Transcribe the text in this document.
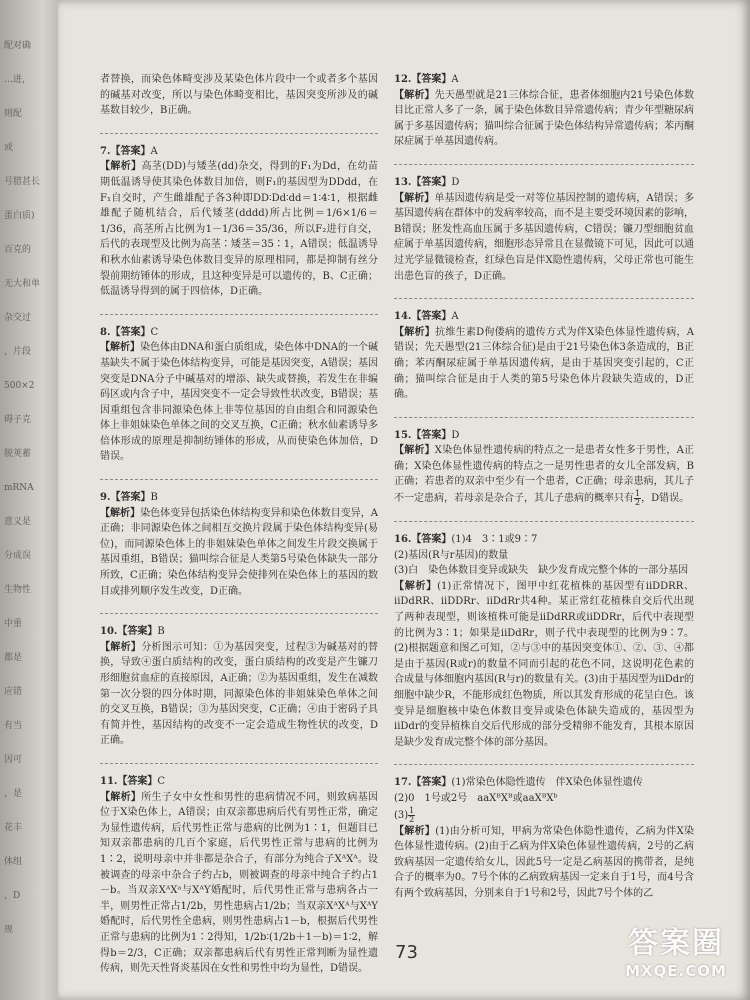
配对确
…进，
则配
或
号腊甚长
蛋白质)
百克的
无大和单
杂交过
，片段
500×2
碍子克
脱荚蓄
mRNA
意义是
分成误
生物性
中重
都是
应错
有当
因可
，是
花丰
体组
，D
规

者替换，而染色体畸变涉及某染色体片段中一个或者多个基因的碱基对改变，所以与染色体畸变相比，基因突变所涉及的碱基数目较少，B正确。

7.【答案】A

【解析】高茎(DD)与矮茎(dd)杂交，得到的F₁为Dd，在幼苗期低温诱导使其染色体数目加倍，则F₁的基因型为DDdd，在F₁自交时，产生雌雄配子各3种即DD∶Dd∶dd＝1∶4∶1，根据雌雄配子随机结合，后代矮茎(dddd)所占比例＝1/6×1/6＝1/36，高茎所占比例为1－1/36＝35/36，所以F₂进行自交，后代的表现型及比例为高茎∶矮茎＝35∶1，A错误；低温诱导和秋水仙素诱导染色体数目变异的原理相同，都是抑制有丝分裂前期纺锤体的形成，且这种变异是可以遗传的，B、C正确；低温诱导得到的属于四倍体，D正确。

8.【答案】C

【解析】染色体由DNA和蛋白质组成，染色体中DNA的一个碱基缺失不属于染色体结构变异，可能是基因突变，A错误；基因突变是DNA分子中碱基对的增添、缺失或替换，若发生在非编码区或内含子中，基因突变不一定会导致性状改变，B错误；基因重组包含非同源染色体上非等位基因的自由组合和同源染色体上非姐妹染色单体之间的交叉互换，C正确；秋水仙素诱导多倍体形成的原理是抑制纺锤体的形成，从而使染色体加倍，D错误。

9.【答案】B

【解析】染色体变异包括染色体结构变异和染色体数目变异，A正确；非同源染色体之间相互交换片段属于染色体结构变异(易位)，而同源染色体上的非姐妹染色单体之间发生片段交换属于基因重组，B错误；猫叫综合征是人类第5号染色体缺失一部分所致，C正确；染色体结构变异会使排列在染色体上的基因的数目或排列顺序发生改变，D正确。

10.【答案】B

【解析】分析图示可知：①为基因突变，过程③为碱基对的替换，导致④蛋白质结构的改变，蛋白质结构的改变是产生镰刀形细胞贫血症的直接原因，A正确；②为基因重组，发生在减数第一次分裂的四分体时期，同源染色体的非姐妹染色单体之间的交叉互换，B错误；③为基因突变，C正确；④由于密码子具有简并性，基因结构的改变不一定会造成生物性状的改变，D正确。

11.【答案】C

【解析】所生子女中女性和男性的患病情况不同，则致病基因位于X染色体上，A错误；由双亲都患病后代有男性正常，确定为显性遗传病，后代男性正常与患病的比例为1∶1，但题目已知双亲都患病的几百个家庭，后代男性正常与患病的比例为1∶2，说明母亲中并非都是杂合子，有部分为纯合子XᴬXᴬ。设被调查的母亲中杂合子约占b，则被调查的母亲中纯合子约占1－b。当双亲XᴬXᵃ与XᴬY婚配时，后代男性正常与患病各占一半，则男性正常占1/2b，男性患病占1/2b；当双亲XᴬXᴬ与XᴬY婚配时，后代男性全患病，则男性患病占1－b，根据后代男性正常与患病的比例为1∶2得知，1/2b∶(1/2b＋1－b)＝1∶2，解得b＝2/3，C正确；双亲都患病后代有男性正常判断为显性遗传病，则先天性肾炎基因在女性和男性中均为显性，D错误。

12.【答案】A

【解析】先天愚型就是21三体综合征，患者体细胞内21号染色体数目比正常人多了一条，属于染色体数目异常遗传病；青少年型糖尿病属于多基因遗传病；猫叫综合征属于染色体结构异常遗传病；苯丙酮尿症属于单基因遗传病。

13.【答案】D

【解析】单基因遗传病是受一对等位基因控制的遗传病，A错误；多基因遗传病在群体中的发病率较高，而不是主要受环境因素的影响，B错误；胚发性高血压属于多基因遗传病，C错误；镰刀型细胞贫血症属于单基因遗传病，细胞形态异常且在显微镜下可见，因此可以通过光学显微镜检查，红绿色盲是伴X隐性遗传病，父母正常也可能生出患色盲的孩子，D正确。

14.【答案】A

【解析】抗维生素D佝偻病的遗传方式为伴X染色体显性遗传病，A错误；先天愚型(21三体综合征)是由于21号染色体3条造成的，B正确；苯丙酮尿症属于单基因遗传病，是由于基因突变引起的，C正确；猫叫综合征是由于人类的第5号染色体片段缺失造成的，D正确。

15.【答案】D

【解析】X染色体显性遗传病的特点之一是患者女性多于男性，A正确；X染色体显性遗传病的特点之一是男性患者的女儿全部发病，B正确；若患者的双亲中至少有一个患者，C正确；母亲患病，其儿子不一定患病，若母亲是杂合子，其儿子患病的概率只有 $\frac{1}{2}$ ，D错误。

16.【答案】(1)4　3∶1或9∶7

(2)基因(R与r基因)的数量

(3)白　染色体数目变异或缺失　缺少发育成完整个体的一部分基因

【解析】(1)正常情况下，图甲中红花植株的基因型有iiDDRR、iiDdRR、iiDDRr、iiDdRr共4种。某正常红花植株自交后代出现了两种表现型，则该植株可能是iiDdRR或iiDDRr，后代中表现型的比例为3∶1；如果是iiDdRr，则子代中表现型的比例为9∶7。(2)根据题意和图乙可知，②与③中的基因突变体①、②、③、④都是由于基因(R或r)的数量不同而引起的花色不同，这说明花色素的合成量与体细胞内基因(R与r)的数量有关。(3)由于基因型为iiDdr的细胞中缺少R，不能形成红色物质，所以其发育形成的花呈白色。该变异是细胞核中染色体数目变异或染色体缺失造成的，基因型为iiDdr的变异植株自交后代形成的部分受精卵不能发育，其根本原因是缺少发育成完整个体的部分基因。

17.【答案】(1)常染色体隐性遗传　伴X染色体显性遗传

(2)0　1号或2号　aaXᴮXᴮ或aaXᴮXᵇ

$(3) \frac{1}{2}$

【解析】(1)由分析可知，甲病为常染色体隐性遗传，乙病为伴X染色体显性遗传病。(2)由于乙病为伴X染色体显性遗传病，2号的乙病致病基因一定遗传给女儿，因此5号一定是乙病基因的携带者，是纯合子的概率为0。7号个体的乙病致病基因一定来自于1号，而4号含有两个致病基因，分别来自于1号和2号，因此7号个体的乙

73	答案圈
MXQE.COM
